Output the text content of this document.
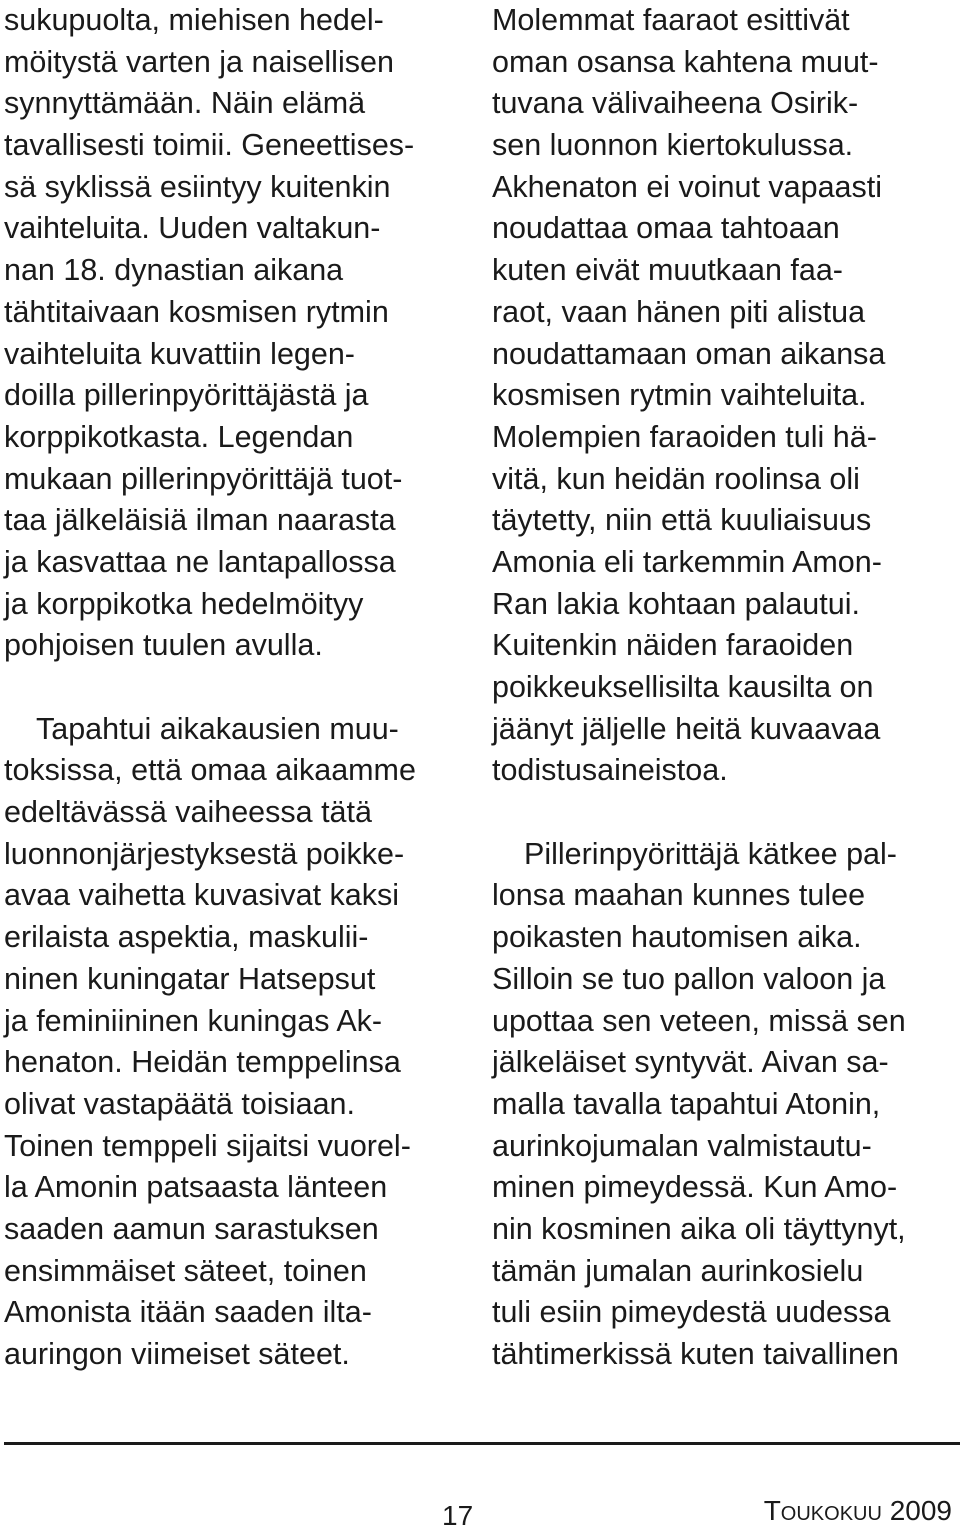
sukupuolta, miehisen hedel-
möitystä varten ja naisellisen
synnyttämään. Näin elämä
tavallisesti toimii. Geneettises-
sä syklissä esiintyy kuitenkin
vaihteluita. Uuden valtakun-
nan 18. dynastian aikana
tähtitaivaan kosmisen rytmin
vaihteluita kuvattiin legen-
doilla pillerinpyörittäjästä ja
korppikotkasta. Legendan
mukaan pillerinpyörittäjä tuot-
taa jälkeläisiä ilman naarasta
ja kasvattaa ne lantapallossa
ja korppikotka hedelmöityy
pohjoisen tuulen avulla.
Tapahtui aikakausien muu-
toksissa, että omaa aikaamme
edeltävässä vaiheessa tätä
luonnonjärjestyksestä poikke-
avaa vaihetta kuvasivat kaksi
erilaista aspektia, maskulii-
ninen kuningatar Hatsepsut
ja feminiininen kuningas Ak-
henaton. Heidän temppelinsa
olivat vastapäätä toisiaan.
Toinen temppeli sijaitsi vuorel-
la Amonin patsaasta länteen
saaden aamun sarastuksen
ensimmäiset säteet, toinen
Amonista itään saaden ilta-
auringon viimeiset säteet.
Molemmat faaraot esittivät
oman osansa kahtena muut-
tuvana välivaiheena Osirik-
sen luonnon kiertokulussa.
Akhenaton ei voinut vapaasti
noudattaa omaa tahtoaan
kuten eivät muutkaan faa-
raot, vaan hänen piti alistua
noudattamaan oman aikansa
kosmisen rytmin vaihteluita.
Molempien faraoiden tuli hä-
vitä, kun heidän roolinsa oli
täytetty, niin että kuuliaisuus
Amonia eli tarkemmin Amon-
Ran lakia kohtaan palautui.
Kuitenkin näiden faraoiden
poikkeuksellisilta kausilta on
jäänyt jäljelle heitä kuvaavaa
todistusaineistoa.
Pillerinpyörittäjä kätkee pal-
lonsa maahan kunnes tulee
poikasten hautomisen aika.
Silloin se tuo pallon valoon ja
upottaa sen veteen, missä sen
jälkeläiset syntyvät. Aivan sa-
malla tavalla tapahtui Atonin,
aurinkojumalan valmistautu-
minen pimeydessä. Kun Amo-
nin kosminen aika oli täyttynyt,
tämän jumalan aurinkosielu
tuli esiin pimeydestä uudessa
tähtimerkissä kuten taivallinen
17	Toukokuu 2009
